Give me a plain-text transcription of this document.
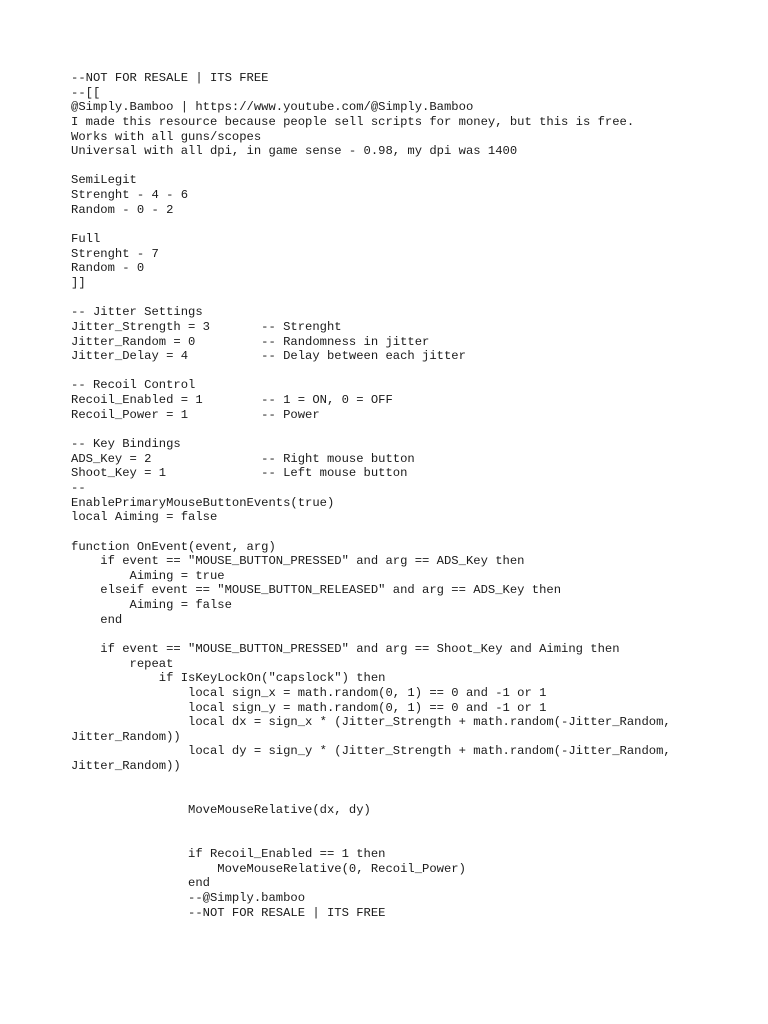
--NOT FOR RESALE | ITS FREE
--[[
@Simply.Bamboo | https://www.youtube.com/@Simply.Bamboo
I made this resource because people sell scripts for money, but this is free.
Works with all guns/scopes
Universal with all dpi, in game sense - 0.98, my dpi was 1400
SemiLegit
Strenght - 4 - 6
Random - 0 - 2
Full
Strenght - 7
Random - 0
]]
-- Jitter Settings
Jitter_Strength = 3       -- Strenght
Jitter_Random = 0         -- Randomness in jitter
Jitter_Delay = 4          -- Delay between each jitter
-- Recoil Control
Recoil_Enabled = 1        -- 1 = ON, 0 = OFF
Recoil_Power = 1          -- Power
-- Key Bindings
ADS_Key = 2               -- Right mouse button
Shoot_Key = 1             -- Left mouse button
--
EnablePrimaryMouseButtonEvents(true)
local Aiming = false
function OnEvent(event, arg)
if event == "MOUSE_BUTTON_PRESSED" and arg == ADS_Key then
Aiming = true
elseif event == "MOUSE_BUTTON_RELEASED" and arg == ADS_Key then
Aiming = false
end
if event == "MOUSE_BUTTON_PRESSED" and arg == Shoot_Key and Aiming then
repeat
if IsKeyLockOn("capslock") then
local sign_x = math.random(0, 1) == 0 and -1 or 1
local sign_y = math.random(0, 1) == 0 and -1 or 1
local dx = sign_x * (Jitter_Strength + math.random(-Jitter_Random,
Jitter_Random))
local dy = sign_y * (Jitter_Strength + math.random(-Jitter_Random,
Jitter_Random))
MoveMouseRelative(dx, dy)
if Recoil_Enabled == 1 then
MoveMouseRelative(0, Recoil_Power)
end
--@Simply.bamboo
--NOT FOR RESALE | ITS FREE
